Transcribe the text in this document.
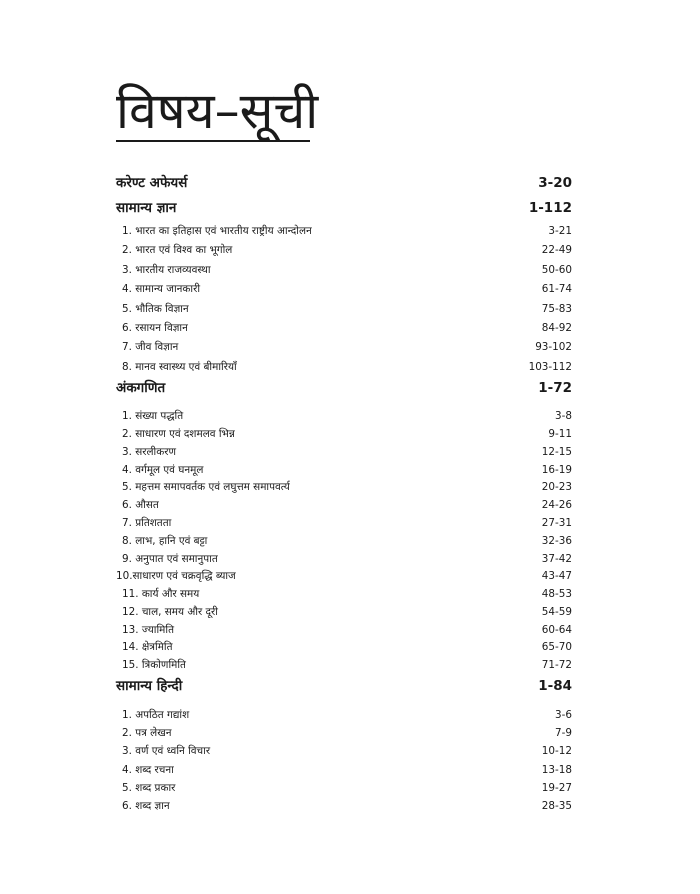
विषय–सूची
करेण्ट अफेयर्स	3-20
सामान्य ज्ञान	1-112
1. भारत का इतिहास एवं भारतीय राष्ट्रीय आन्दोलन	3-21
2. भारत एवं विश्व का भूगोल	22-49
3. भारतीय राजव्यवस्था	50-60
4. सामान्य जानकारी	61-74
5. भौतिक विज्ञान	75-83
6. रसायन विज्ञान	84-92
7. जीव विज्ञान	93-102
8. मानव स्वास्थ्य एवं बीमारियाँ	103-112
अंकगणित	1-72
1. संख्या पद्धति	3-8
2. साधारण एवं दशमलव भिन्न	9-11
3. सरलीकरण	12-15
4. वर्गमूल एवं घनमूल	16-19
5. महत्तम समापवर्तक एवं लघुत्तम समापवर्त्य	20-23
6. औसत	24-26
7. प्रतिशतता	27-31
8. लाभ, हानि एवं बट्टा	32-36
9. अनुपात एवं समानुपात	37-42
10.साधारण एवं चक्रवृद्धि ब्याज	43-47
11. कार्य और समय	48-53
12. चाल, समय और दूरी	54-59
13. ज्यामिति	60-64
14. क्षेत्रमिति	65-70
15. त्रिकोणमिति	71-72
सामान्य हिन्दी	1-84
1. अपठित गद्यांश	3-6
2. पत्र लेखन	7-9
3. वर्ण एवं ध्वनि विचार	10-12
4. शब्द रचना	13-18
5. शब्द प्रकार	19-27
6. शब्द ज्ञान	28-35
